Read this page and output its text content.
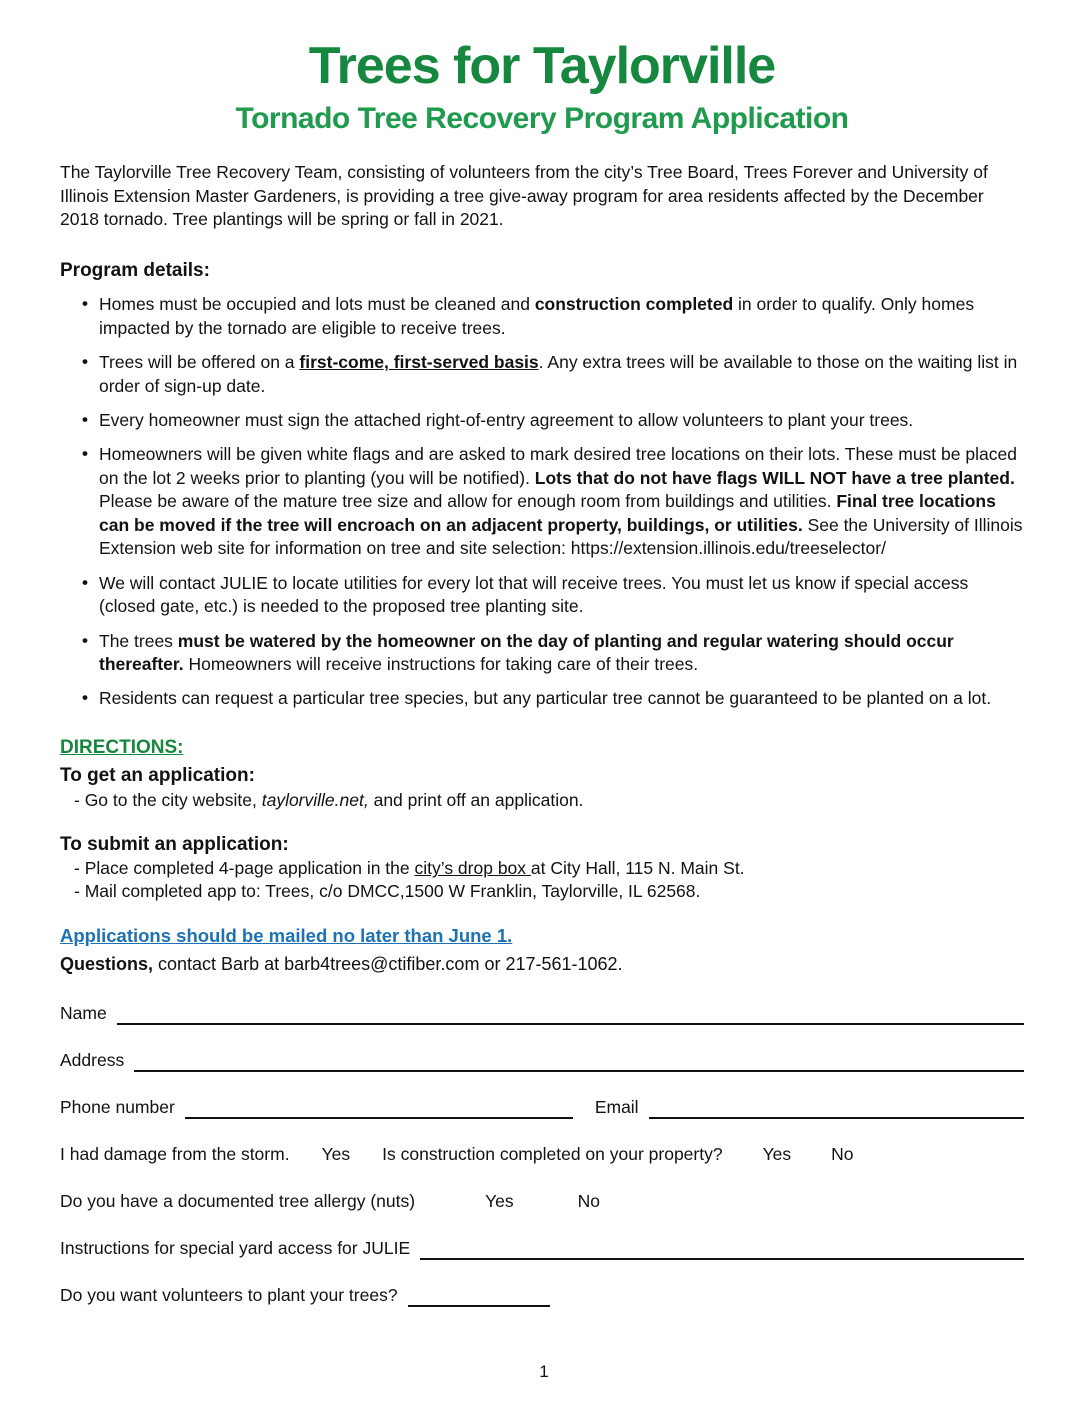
Trees for Taylorville
Tornado Tree Recovery Program Application

The Taylorville Tree Recovery Team, consisting of volunteers from the city’s Tree Board, Trees Forever and University of Illinois Extension Master Gardeners, is providing a tree give-away program for area residents affected by the December 2018 tornado. Tree plantings will be spring or fall in 2021.

Program details:
• Homes must be occupied and lots must be cleaned and construction completed in order to qualify. Only homes impacted by the tornado are eligible to receive trees.
• Trees will be offered on a first-come, first-served basis. Any extra trees will be available to those on the waiting list in order of sign-up date.
• Every homeowner must sign the attached right-of-entry agreement to allow volunteers to plant your trees.
• Homeowners will be given white flags and are asked to mark desired tree locations on their lots. These must be placed on the lot 2 weeks prior to planting (you will be notified). Lots that do not have flags WILL NOT have a tree planted. Please be aware of the mature tree size and allow for enough room from buildings and utilities. Final tree locations can be moved if the tree will encroach on an adjacent property, buildings, or utilities. See the University of Illinois Extension web site for information on tree and site selection: https://extension.illinois.edu/treeselector/
• We will contact JULIE to locate utilities for every lot that will receive trees. You must let us know if special access (closed gate, etc.) is needed to the proposed tree planting site.
• The trees must be watered by the homeowner on the day of planting and regular watering should occur thereafter. Homeowners will receive instructions for taking care of their trees.
• Residents can request a particular tree species, but any particular tree cannot be guaranteed to be planted on a lot.
DIRECTIONS:
To get an application:
- Go to the city website, taylorville.net, and print off an application.
To submit an application:
- Place completed 4-page application in the city’s drop box at City Hall, 115 N. Main St.
- Mail completed app to: Trees, c/o DMCC,1500 W Franklin, Taylorville, IL 62568.
Applications should be mailed no later than June 1.
Questions, contact Barb at barb4trees@ctifiber.com or 217-561-1062.
Name
Address
Phone number	Email
I had damage from the storm. Yes Is construction completed on your property? Yes No
Do you have a documented tree allergy (nuts)	Yes	No
Instructions for special yard access for JULIE
Do you want volunteers to plant your trees?
1
